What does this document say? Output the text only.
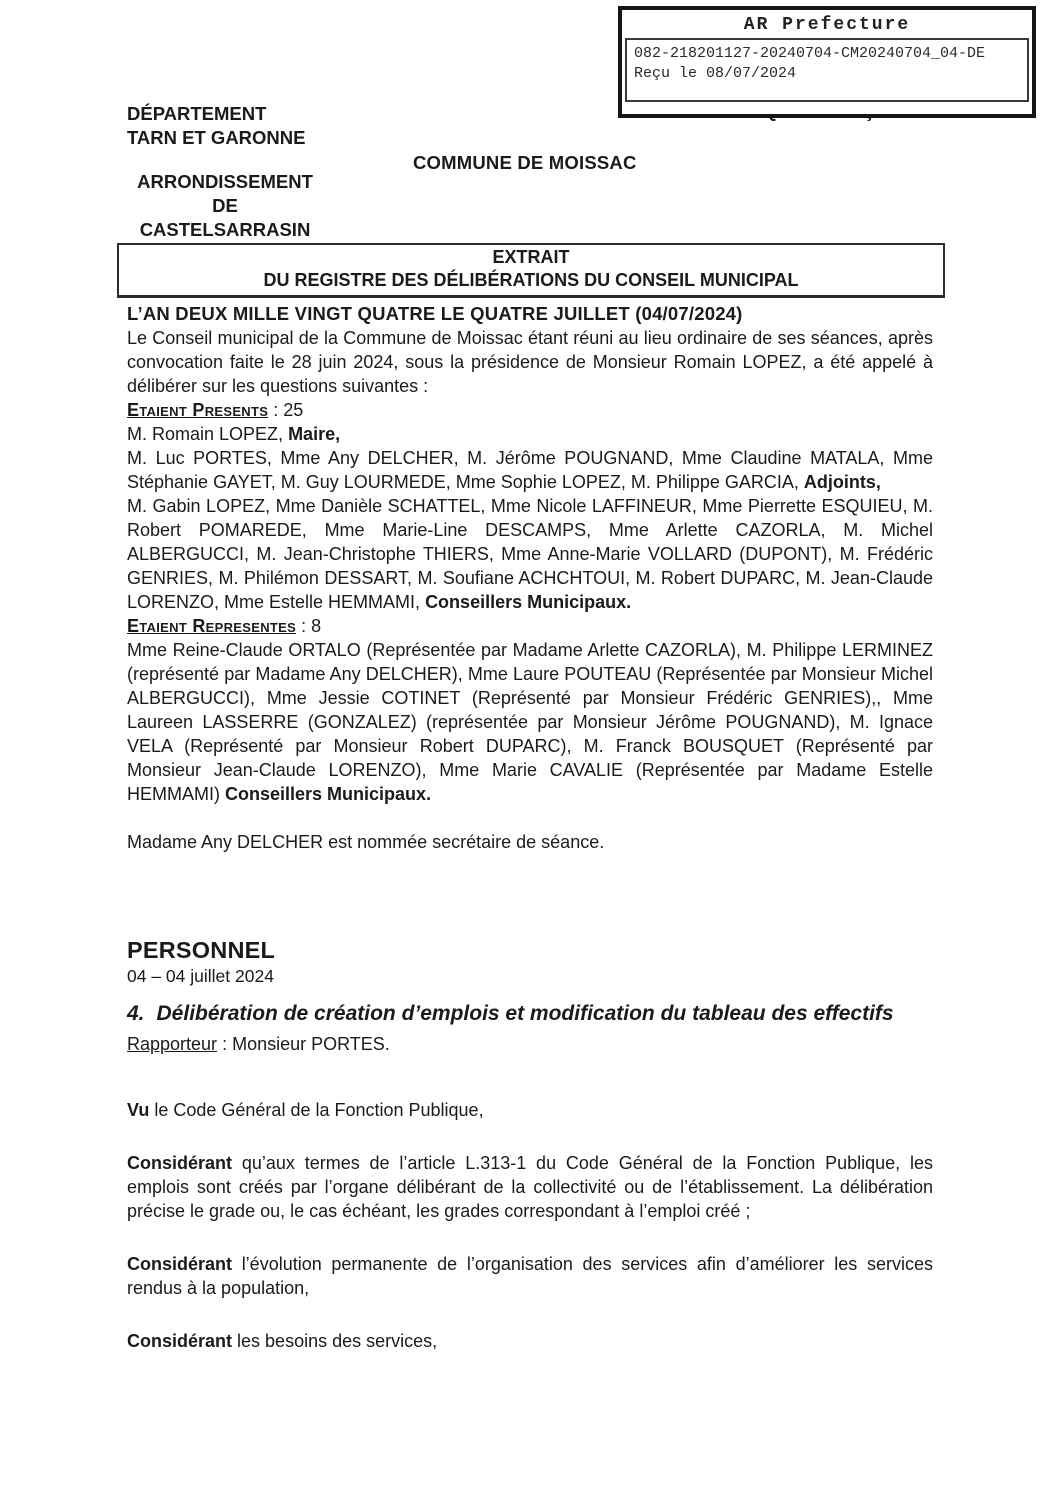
AR Prefecture
082-218201127-20240704-CM20240704_04-DE
Reçu le 08/07/2024
DÉPARTEMENT
TARN ET GARONNE
ARRONDISSEMENT
DE
CASTELSARRASIN
COMMUNE DE MOISSAC
EXTRAIT
DU REGISTRE DES DÉLIBÉRATIONS DU CONSEIL MUNICIPAL
L’AN DEUX MILLE VINGT QUATRE LE QUATRE JUILLET (04/07/2024)

Le Conseil municipal de la Commune de Moissac étant réuni au lieu ordinaire de ses séances, après convocation faite le 28 juin 2024, sous la présidence de Monsieur Romain LOPEZ, a été appelé à délibérer sur les questions suivantes :

Etaient Presents : 25
M. Romain LOPEZ, Maire,

M. Luc PORTES, Mme Any DELCHER, M. Jérôme POUGNAND, Mme Claudine MATALA, Mme Stéphanie GAYET, M. Guy LOURMEDE, Mme Sophie LOPEZ, M. Philippe GARCIA, Adjoints,

M. Gabin LOPEZ, Mme Danièle SCHATTEL, Mme Nicole LAFFINEUR, Mme Pierrette ESQUIEU, M. Robert POMAREDE, Mme Marie-Line DESCAMPS, Mme Arlette CAZORLA, M. Michel ALBERGUCCI, M. Jean-Christophe THIERS, Mme Anne-Marie VOLLARD (DUPONT), M. Frédéric GENRIES, M. Philémon DESSART, M. Soufiane ACHCHTOUI, M. Robert DUPARC, M. Jean-Claude LORENZO, Mme Estelle HEMMAMI, Conseillers Municipaux.

Etaient Representes : 8

Mme Reine-Claude ORTALO (Représentée par Madame Arlette CAZORLA), M. Philippe LERMINEZ (représenté par Madame Any DELCHER), Mme Laure POUTEAU (Représentée par Monsieur Michel ALBERGUCCI), Mme Jessie COTINET (Représenté par Monsieur Frédéric GENRIES),, Mme Laureen LASSERRE (GONZALEZ) (représentée par Monsieur Jérôme POUGNAND), M. Ignace VELA (Représenté par Monsieur Robert DUPARC), M. Franck BOUSQUET (Représenté par Monsieur Jean-Claude LORENZO), Mme Marie CAVALIE (Représentée par Madame Estelle HEMMAMI) Conseillers Municipaux.

Madame Any DELCHER est nommée secrétaire de séance.

PERSONNEL
04 – 04 juillet 2024
4. Délibération de création d’emplois et modification du tableau des effectifs
Rapporteur : Monsieur PORTES.

Vu le Code Général de la Fonction Publique,

Considérant qu’aux termes de l’article L.313-1 du Code Général de la Fonction Publique, les emplois sont créés par l’organe délibérant de la collectivité ou de l’établissement. La délibération précise le grade ou, le cas échéant, les grades correspondant à l’emploi créé ;

Considérant l’évolution permanente de l’organisation des services afin d’améliorer les services rendus à la population,

Considérant les besoins des services,
